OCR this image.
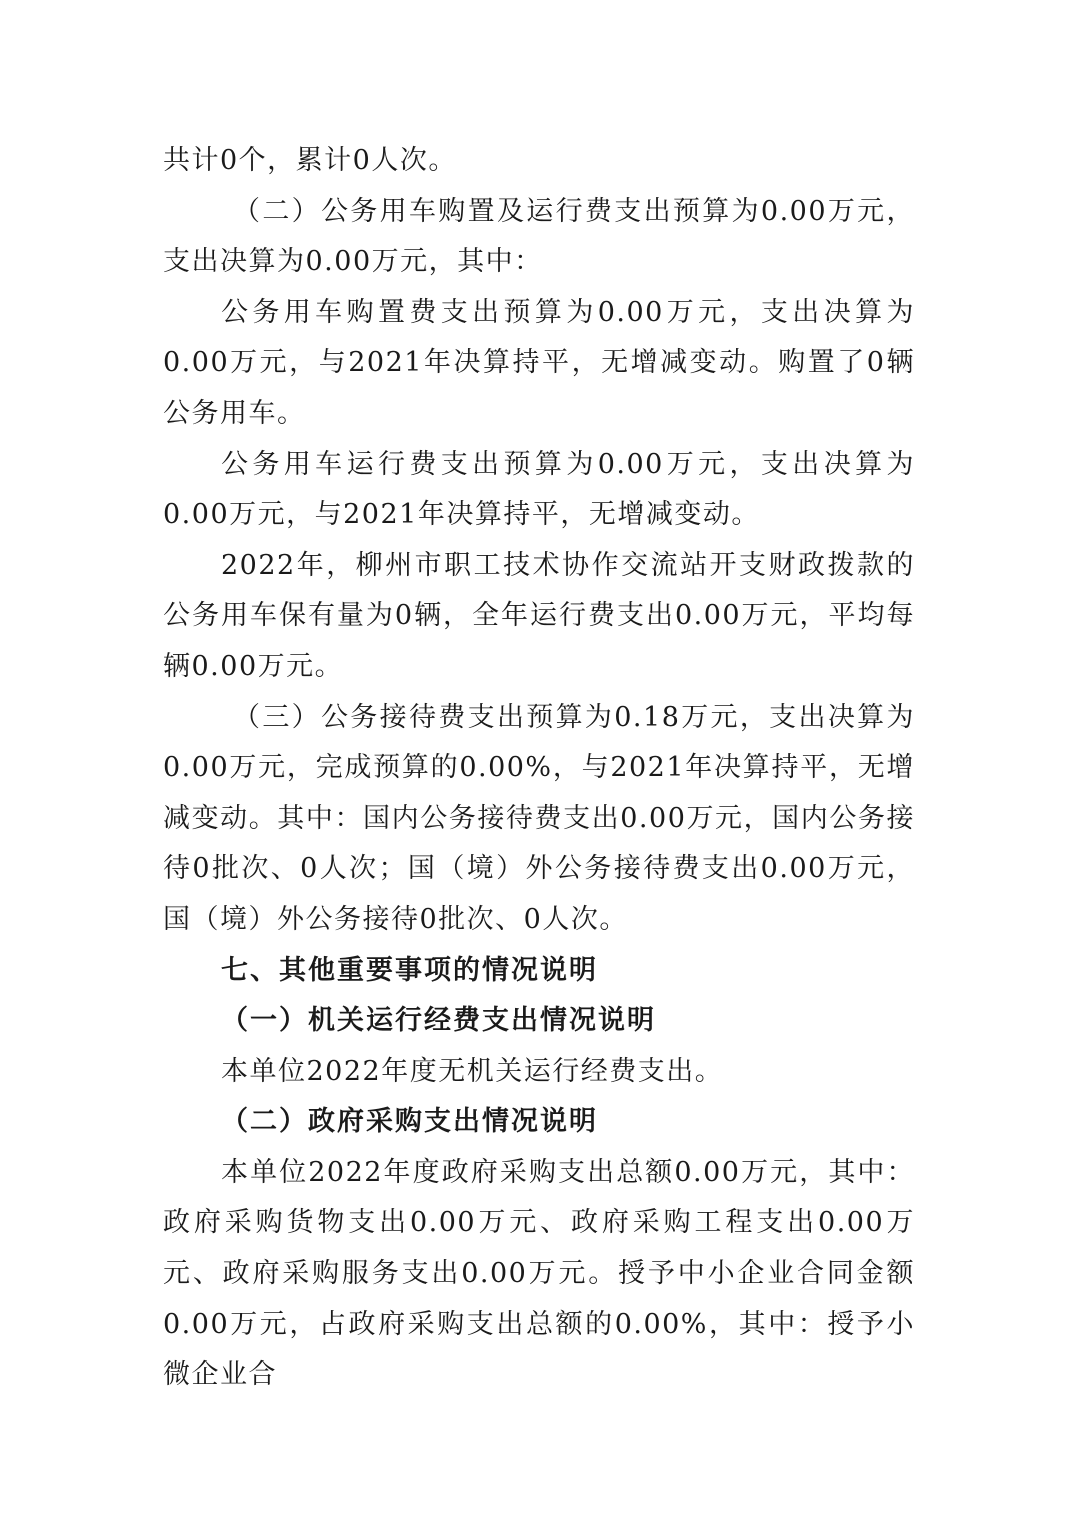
共计0个，累计0人次。

（二）公务用车购置及运行费支出预算为0.00万元，支出决算为0.00万元，其中：

公务用车购置费支出预算为0.00万元，支出决算为0.00万元，与2021年决算持平，无增减变动。购置了0辆公务用车。

公务用车运行费支出预算为0.00万元，支出决算为0.00万元，与2021年决算持平，无增减变动。

2022年，柳州市职工技术协作交流站开支财政拨款的公务用车保有量为0辆，全年运行费支出0.00万元，平均每辆0.00万元。

（三）公务接待费支出预算为0.18万元，支出决算为0.00万元，完成预算的0.00%，与2021年决算持平，无增减变动。其中：国内公务接待费支出0.00万元，国内公务接待0批次、0人次；国（境）外公务接待费支出0.00万元，国（境）外公务接待0批次、0人次。

七、其他重要事项的情况说明

（一）机关运行经费支出情况说明

本单位2022年度无机关运行经费支出。

（二）政府采购支出情况说明

本单位2022年度政府采购支出总额0.00万元，其中：政府采购货物支出0.00万元、政府采购工程支出0.00万元、政府采购服务支出0.00万元。授予中小企业合同金额0.00万元，占政府采购支出总额的0.00%，其中：授予小微企业合
